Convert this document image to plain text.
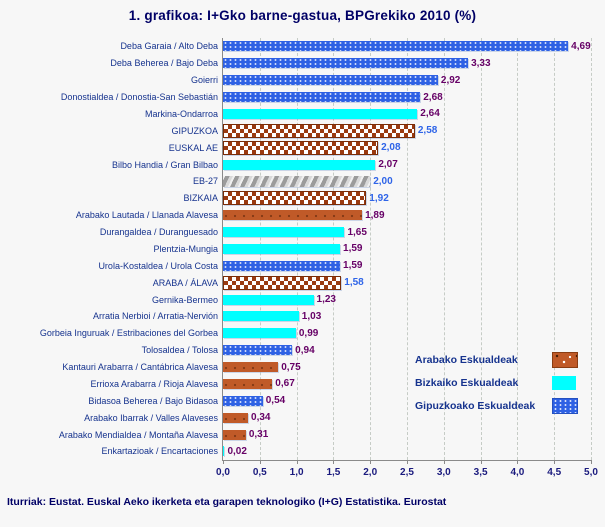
1. grafikoa: I+Gko barne-gastua, BPGrekiko 2010 (%)
Deba Garaia / Alto Deba	4,69
Deba Beherea / Bajo Deba	3,33
Goierri	2,92
Donostialdea / Donostia-San Sebastián	2,68
Markina-Ondarroa	2,64
GIPUZKOA	2,58
EUSKAL AE	2,08
Bilbo Handia / Gran Bilbao	2,07
EB-27	2,00
BIZKAIA	1,92
Arabako Lautada / Llanada Alavesa	1,89
Durangaldea / Duranguesado	1,65
Plentzia-Mungia	1,59
Urola-Kostaldea / Urola Costa	1,59
ARABA / ÁLAVA	1,58
Gernika-Bermeo	1,23
Arratia Nerbioi / Arratia-Nervión	1,03
Gorbeia Inguruak / Estribaciones del Gorbea	0,99
Tolosaldea / Tolosa	0,94
Kantauri Arabarra / Cantábrica Alavesa	0,75
Errioxa Arabarra / Rioja Alavesa	0,67
Bidasoa Beherea / Bajo Bidasoa	0,54
Arabako Ibarrak / Valles Alaveses	0,34
Arabako Mendialdea / Montaña Alavesa	0,31
Enkartazioak / Encartaciones 0,02
0,0 0,5 1,0 1,5 2,0 2,5 3,0 3,5 4,0 4,5 5,0
Arabako Eskualdeak
Bizkaiko Eskualdeak
Gipuzkoako Eskualdeak
Iturriak: Eustat. Euskal Aeko ikerketa eta garapen teknologiko (I+G) Estatistika. Eurostat
